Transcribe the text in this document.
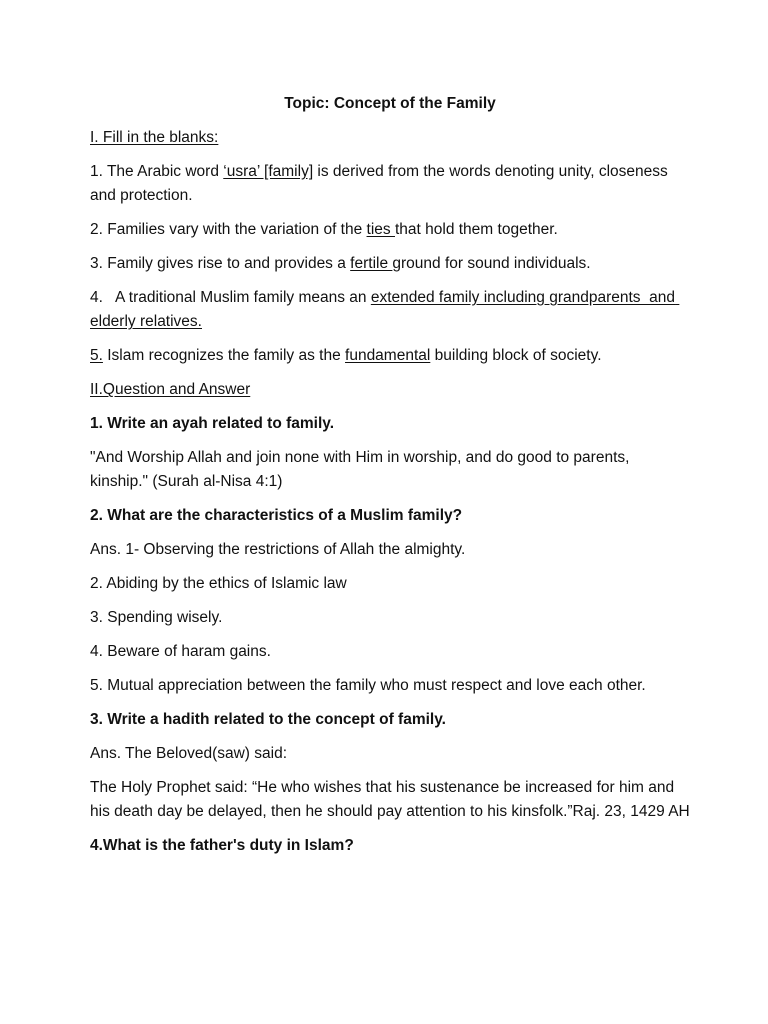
Topic: Concept of the Family

I. Fill in the blanks:

1. The Arabic word ‘usra’ [family] is derived from the words denoting unity, closeness and protection.

2. Families vary with the variation of the ties that hold them together.

3. Family gives rise to and provides a fertile ground for sound individuals.

4.   A traditional Muslim family means an extended family including grandparents  and elderly relatives.

5. Islam recognizes the family as the fundamental building block of society.

II.Question and Answer

1. Write an ayah related to family.

"And Worship Allah and join none with Him in worship, and do good to parents, kinship." (Surah al-Nisa 4:1)

2. What are the characteristics of a Muslim family?

Ans. 1- Observing the restrictions of Allah the almighty.

2. Abiding by the ethics of Islamic law

3. Spending wisely.

4. Beware of haram gains.

5. Mutual appreciation between the family who must respect and love each other.

3. Write a hadith related to the concept of family.

Ans. The Beloved(saw) said:

The Holy Prophet said: “He who wishes that his sustenance be increased for him and his death day be delayed, then he should pay attention to his kinsfolk.”Raj. 23, 1429 AH

4.What is the father's duty in Islam?
